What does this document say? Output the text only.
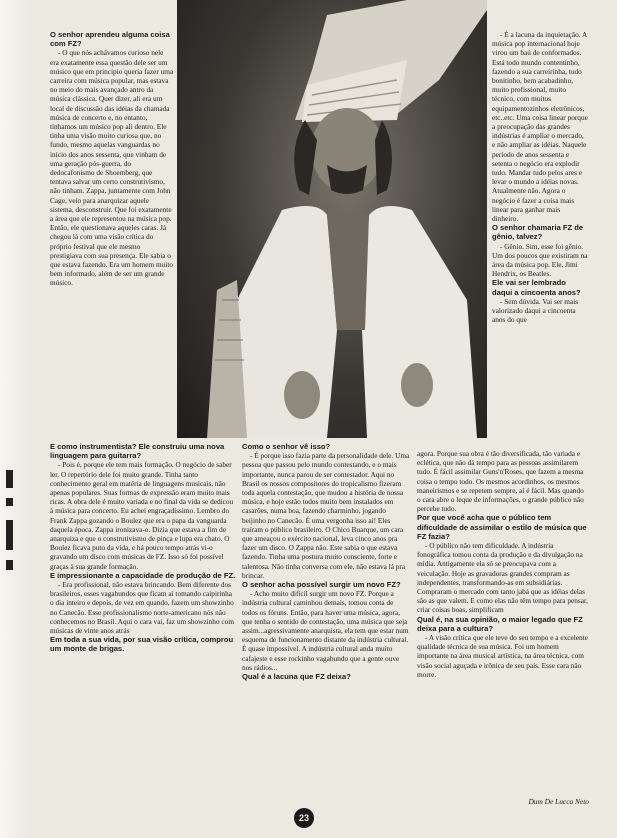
O senhor aprendeu alguma coisa com FZ?

- O que nós achávamos curioso nele era exatamente essa questão dele ser um músico que em princípio queria fazer uma carreira com música popular, mas estava no meio do mais avançado antro da música clássica. Quer dizer, ali era um local de discussão das idéias da chamada música de concerto e, no entanto, tínhamos um músico pop ali dentro. Ele tinha uma visão muito curiosa que, no fundo, mesmo aquelas vanguardas no início dos anos sessenta, que vinham de uma geração pós-guerra, do dedocafonismo de Shoemberg, que tentava salvar um certo construtivismo, não tinham. Zappa, juntamente com John Cage, veio para anarquizar aquele sistema, desconstruir. Que foi exatamente a área que ele representou na música pop. Então, ele questionava aqueles caras. Já chegou lá com uma visão crítica do próprio festival que ele mesmo prestigiava com sua presença. Ele sabia o que estava fazendo. Era um homem muito bem informado, além de ser um grande músico.

E como instrumentista? Ele construiu uma nova linguagem para guitarra?

- Pois é, porque ele tem mais formação. O negócio de saber ler. O repertório dele foi muito grande. Tinha tanto conhecimento geral em matéria de linguagens musicais, não apenas populares. Suas formas de expressão eram muito mais ricas. A obra dele é muito variada e no final da vida se dedicou à música para concerto. Eu achei engraçadíssimo. Lembro do Frank Zappa gozando o Boulez que era o papa da vanguarda daquela época. Zappa ironizava-o. Dizia que estava a fim de anarquiza e que o construtivismo de pinça e lupa era chato. O Boulez ficava puto da vida, e há pouco tempo atrás vi-o gravando um disco com músicas de FZ. Isso só foi possível graças à sua grande formação.

E impressionante a capacidade de produção de FZ.

- Era profissional, não estava brincando. Bem diferente dos brasileiros, esses vagabundos que ficam aí tomando caipirinha o dia inteiro e depois, de vez em quando, fazem um showzinho no Canecão. Esse profissionalismo norte-americano nós não conhecemos no Brasil. Aqui o cara vai, faz um showzinho com músicas de vinte anos atrás

Em toda a sua vida, por sua visão crítica, comprou um monte de brigas.

Como o senhor vê isso?

- É porque isso fazia parte da personalidade dele. Uma pessoa que passou pelo mundo contestando, e o mais importante, nunca parou de ser contestador. Aqui no Brasil os nossos compositores do tropicalismo fizeram toda aquela contestação, que mudou a história de nossa música, e hoje estão todos muito bem instalados em casarões, numa boa, fazendo charminho, jogando beijinho no Canecão. É uma vergonha isso aí! Eles traíram o público brasileiro. O Chico Buarque, um cara que ameaçou o exército nacional, leva cinco anos pra fazer um disco. O Zappa não. Este sabia o que estava fazendo. Tinha uma postura muito consciente, forte e talentosa. Não tinha conversa com ele, não estava lá pra brincar.

O senhor acha possível surgir um novo FZ?

- Acho muito difícil surgir um novo FZ. Porque a indústria cultural caminhou demais, tomou conta de todos os fóruns. Então, para haver uma música, agora, que tenha o sentido de contestação, uma música que seja assim...agressivamente anarquista, ela tem que estar num esquema de funcionamento distante da indústria cultural. É quase impossível. A indústria cultural anda muito cafajeste e esse rockinho vagabundo que a gente ouve nos rádios...

Qual é a lacuna que FZ deixa?

- É a lacuna da inquietação. A música pop internacional hoje virou um baú de conformados. Está todo mundo contentinho, fazendo a sua carreirinha, tudo bonitinho, bem acabadinho, muito profissional, muito técnico, com muitos equipamentozinhos eletrônicos, etc..etc. Uma coisa linear porque a preocupação das grandes indústrias é ampliar o mercado, e não ampliar as idéias. Naquele período de anos sessenta e setenta o negócio era explodir tudo. Mandar tudo pelos ares e levar o mundo a idéias novas. Atualmente não. Agora o negócio é fazer a coisa mais linear para ganhar mais dinheiro.

O senhor chamaria FZ de gênio, talvez?

- Gênio. Sim, esse foi gênio. Um dos poucos que existiram na área da música pop. Ele, Jimi Hendrix, os Beatles.

Ele vai ser lembrado daqui a cincoenta anos?

- Sem dúvida. Vai ser mais valorizado daqui a cincoenta anos do que

agora. Porque sua obra é tão diversificada, tão variada e eclética, que não dá tempo para as pessoas assimilarem tudo. É fácil assimilar Guns'n'Roses, que fazem a mesma coisa o tempo todo. Os mesmos acordinhos, os mesmos maneirismos e se repetem sempre, aí é fácil. Mas quando o cara abre o leque de informações, o grande público não percebe tudo.

Por que você acha que o público tem dificuldade de assimilar o estilo de música que FZ fazia?

- O público não tem dificuldade. A indústria fonográfica tomou conta da produção e da divulgação na mídia. Antigamente ela só se preocupava com a veiculação. Hoje as gravadoras grandes compram as independentes, transformando-as em subsidiárias. Compraram o mercado com tanto jabá que as idéias delas são as que valem. E como elas não têm tempo para pensar, criar coisas boas, simplificam

Qual é, na sua opinião, o maior legado que FZ deixa para a cultura?

- A visão crítica que ele teve do seu tempo e a excelente qualidade técnica de sua música. Foi um homem importante na área musical artística, na área técnica, com visão social aguçada e irônica de seu país. Esse cara não morre.

Dum De Lucca Neto
23
